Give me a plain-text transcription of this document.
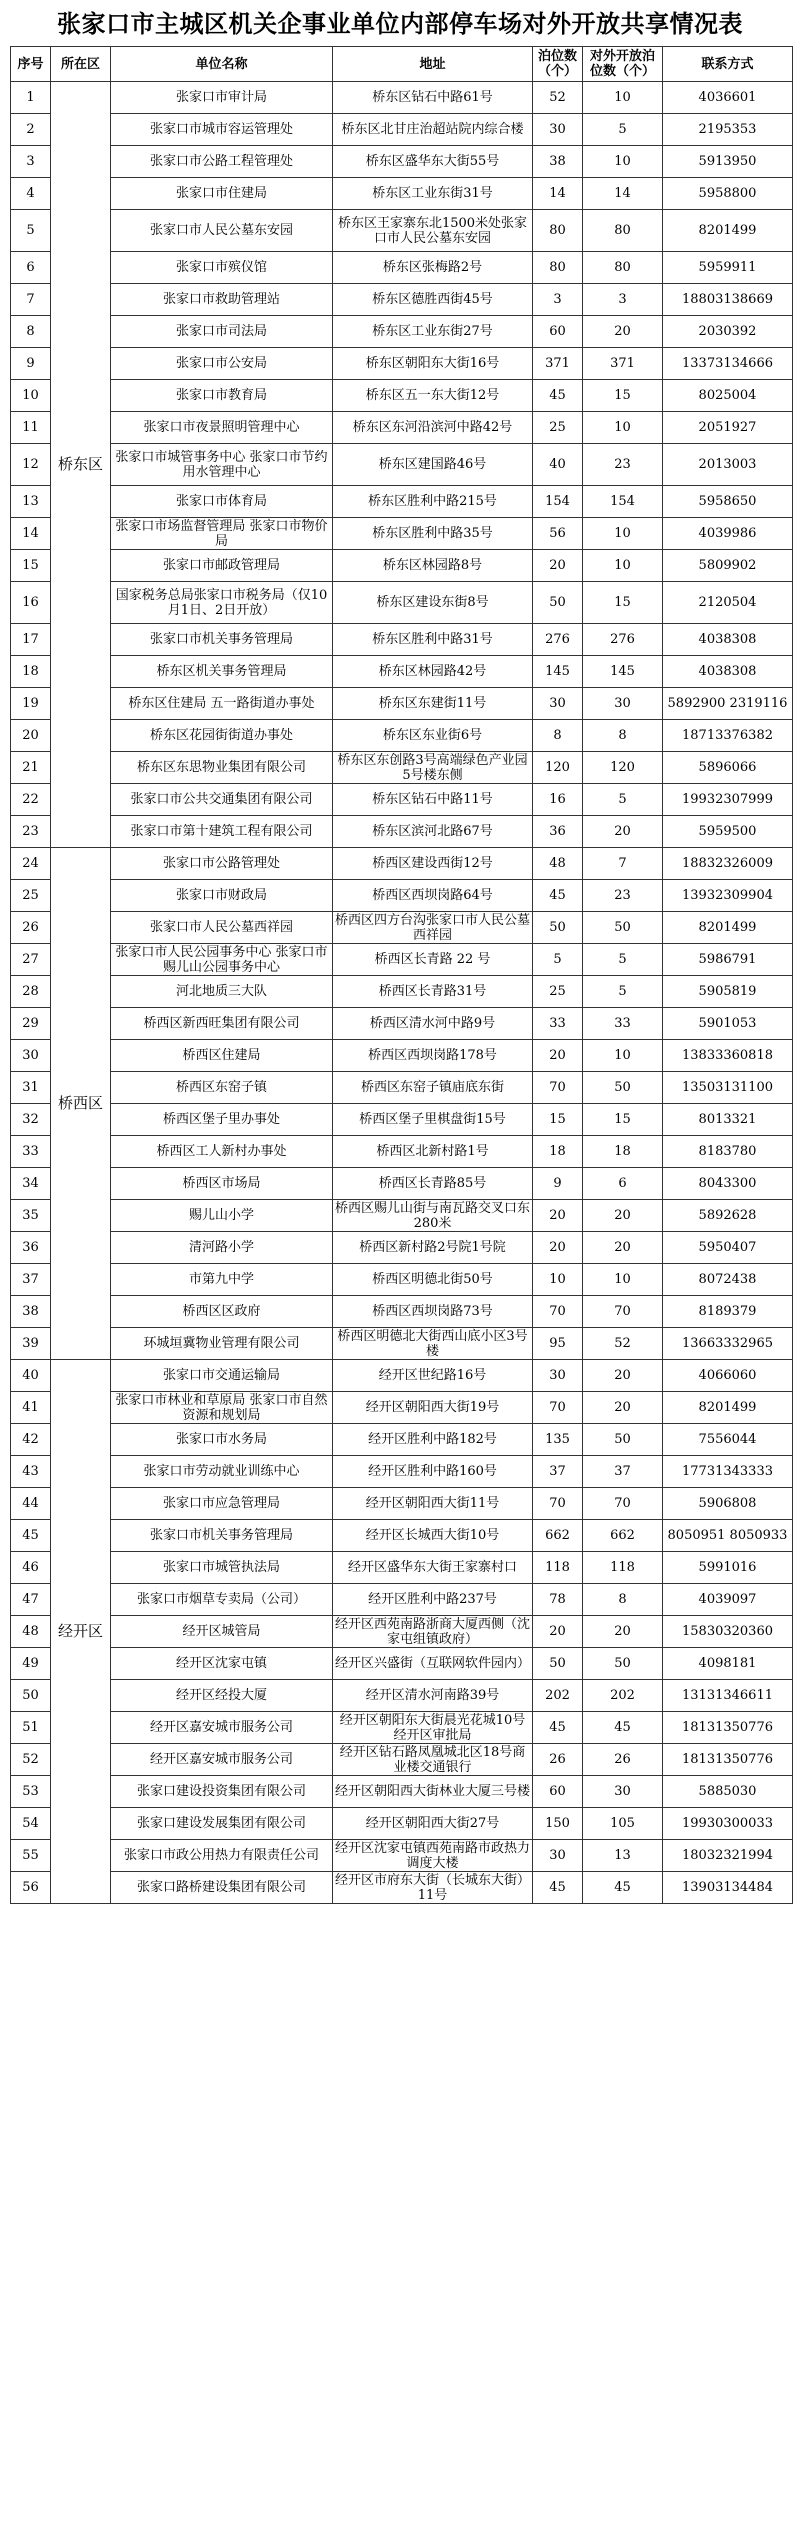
张家口市主城区机关企事业单位内部停车场对外开放共享情况表
序号	所在区	单位名称	地址	泊位数（个）	对外开放泊位数（个）	联系方式
1	桥东区	张家口市审计局	桥东区钻石中路61号	52	10	4036601
2		张家口市城市容运管理处	桥东区北甘庄治超站院内综合楼	30	5	2195353
3		张家口市公路工程管理处	桥东区盛华东大街55号	38	10	5913950
4		张家口市住建局	桥东区工业东街31号	14	14	5958800
5		张家口市人民公墓东安园	桥东区王家寨东北1500米处张家口市人民公墓东安园	80	80	8201499
6		张家口市殡仪馆	桥东区张梅路2号	80	80	5959911
7		张家口市救助管理站	桥东区德胜西街45号	3	3	18803138669
8		张家口市司法局	桥东区工业东街27号	60	20	2030392
9		张家口市公安局	桥东区朝阳东大街16号	371	371	13373134666
10		张家口市教育局	桥东区五一东大街12号	45	15	8025004
11		张家口市夜景照明管理中心	桥东区东河沿滨河中路42号	25	10	2051927
12		张家口市城管事务中心 张家口市节约用水管理中心	桥东区建国路46号	40	23	2013003
13		张家口市体育局	桥东区胜利中路215号	154	154	5958650
14		张家口市场监督管理局 张家口市物价局	桥东区胜利中路35号	56	10	4039986
15		张家口市邮政管理局	桥东区林园路8号	20	10	5809902
16		国家税务总局张家口市税务局（仅10月1日、2日开放）	桥东区建设东街8号	50	15	2120504
17		张家口市机关事务管理局	桥东区胜利中路31号	276	276	4038308
18		桥东区机关事务管理局	桥东区林园路42号	145	145	4038308
19		桥东区住建局 五一路街道办事处	桥东区东建街11号	30	30	5892900 2319116
20		桥东区花园街街道办事处	桥东区东业街6号	8	8	18713376382
21		桥东区东思物业集团有限公司	桥东区东创路3号高端绿色产业园5号楼东侧	120	120	5896066
22		张家口市公共交通集团有限公司	桥东区钻石中路11号	16	5	19932307999
23		张家口市第十建筑工程有限公司	桥东区滨河北路67号	36	20	5959500
24	桥西区	张家口市公路管理处	桥西区建设西街12号	48	7	18832326009
25		张家口市财政局	桥西区西坝岗路64号	45	23	13932309904
26		张家口市人民公墓西祥园	桥西区四方台沟张家口市人民公墓西祥园	50	50	8201499
27		张家口市人民公园事务中心 张家口市赐儿山公园事务中心	桥西区长青路 22 号	5	5	5986791
28		河北地质三大队	桥西区长青路31号	25	5	5905819
29		桥西区新西旺集团有限公司	桥西区清水河中路9号	33	33	5901053
30		桥西区住建局	桥西区西坝岗路178号	20	10	13833360818
31		桥西区东窑子镇	桥西区东窑子镇庙底东街	70	50	13503131100
32		桥西区堡子里办事处	桥西区堡子里棋盘街15号	15	15	8013321
33		桥西区工人新村办事处	桥西区北新村路1号	18	18	8183780
34		桥西区市场局	桥西区长青路85号	9	6	8043300
35		赐儿山小学	桥西区赐儿山街与南瓦路交叉口东280米	20	20	5892628
36		清河路小学	桥西区新村路2号院1号院	20	20	5950407
37		市第九中学	桥西区明德北街50号	10	10	8072438
38		桥西区区政府	桥西区西坝岗路73号	70	70	8189379
39		环城垣冀物业管理有限公司	桥西区明德北大街西山底小区3号楼	95	52	13663332965
40	经开区	张家口市交通运输局	经开区世纪路16号	30	20	4066060
41		张家口市林业和草原局 张家口市自然资源和规划局	经开区朝阳西大街19号	70	20	8201499
42		张家口市水务局	经开区胜利中路182号	135	50	7556044
43		张家口市劳动就业训练中心	经开区胜利中路160号	37	37	17731343333
44		张家口市应急管理局	经开区朝阳西大街11号	70	70	5906808
45		张家口市机关事务管理局	经开区长城西大街10号	662	662	8050951 8050933
46		张家口市城管执法局	经开区盛华东大街王家寨村口	118	118	5991016
47		张家口市烟草专卖局（公司）	经开区胜利中路237号	78	8	4039097
48		经开区城管局	经开区西苑南路浙商大厦西侧（沈家屯组镇政府）	20	20	15830320360
49		经开区沈家屯镇	经开区兴盛街（互联网软件园内）	50	50	4098181
50		经开区经投大厦	经开区清水河南路39号	202	202	13131346611
51		经开区嘉安城市服务公司	经开区朝阳东大街晨光花城10号经开区审批局	45	45	18131350776
52		经开区嘉安城市服务公司	经开区钻石路凤凰城北区18号商业楼交通银行	26	26	18131350776
53		张家口建设投资集团有限公司	经开区朝阳西大街林业大厦三号楼	60	30	5885030
54		张家口建设发展集团有限公司	经开区朝阳西大街27号	150	105	19930300033
55		张家口市政公用热力有限责任公司	经开区沈家屯镇西苑南路市政热力调度大楼	30	13	18032321994
56		张家口路桥建设集团有限公司	经开区市府东大街（长城东大街）11号	45	45	13903134484
